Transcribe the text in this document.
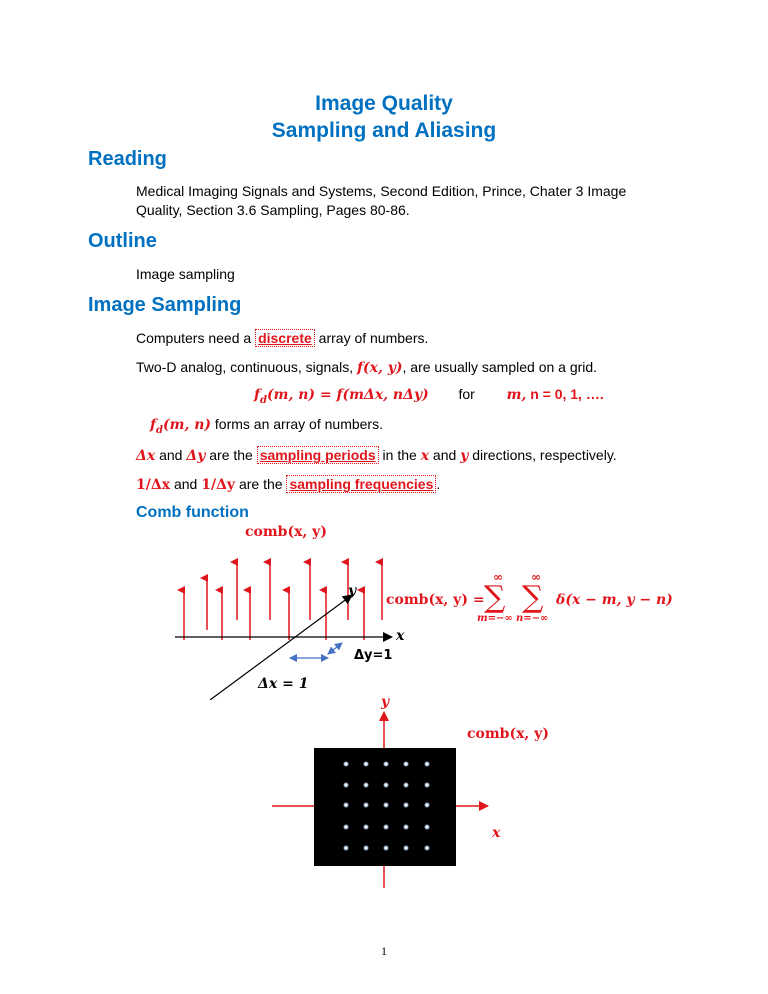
Image Quality
Sampling and Aliasing
Reading
Medical Imaging Signals and Systems, Second Edition, Prince, Chater 3 Image
Quality, Section 3.6 Sampling, Pages 80-86.
Outline
Image sampling
Image Sampling
Computers need a discrete array of numbers.
Two-D analog, continuous, signals, f(x, y), are usually sampled on a grid.
$f_d(m$, n) = f(mΔx, nΔy) for m, n = 0, 1, ….
$f_d(m$, n) forms an array of numbers.
Δx and Δy are the sampling periods in the x and y directions, respectively.
1/Δx and 1/Δy are the sampling frequencies .
Comb function
comb(x, y)
y
x
Δy=1
Δx = 1
comb(x, y) =
∞ ∞
∑ ∑
m=−∞ n=−∞
δ(x − m, y − n)
y
comb(x, y)
x
1
